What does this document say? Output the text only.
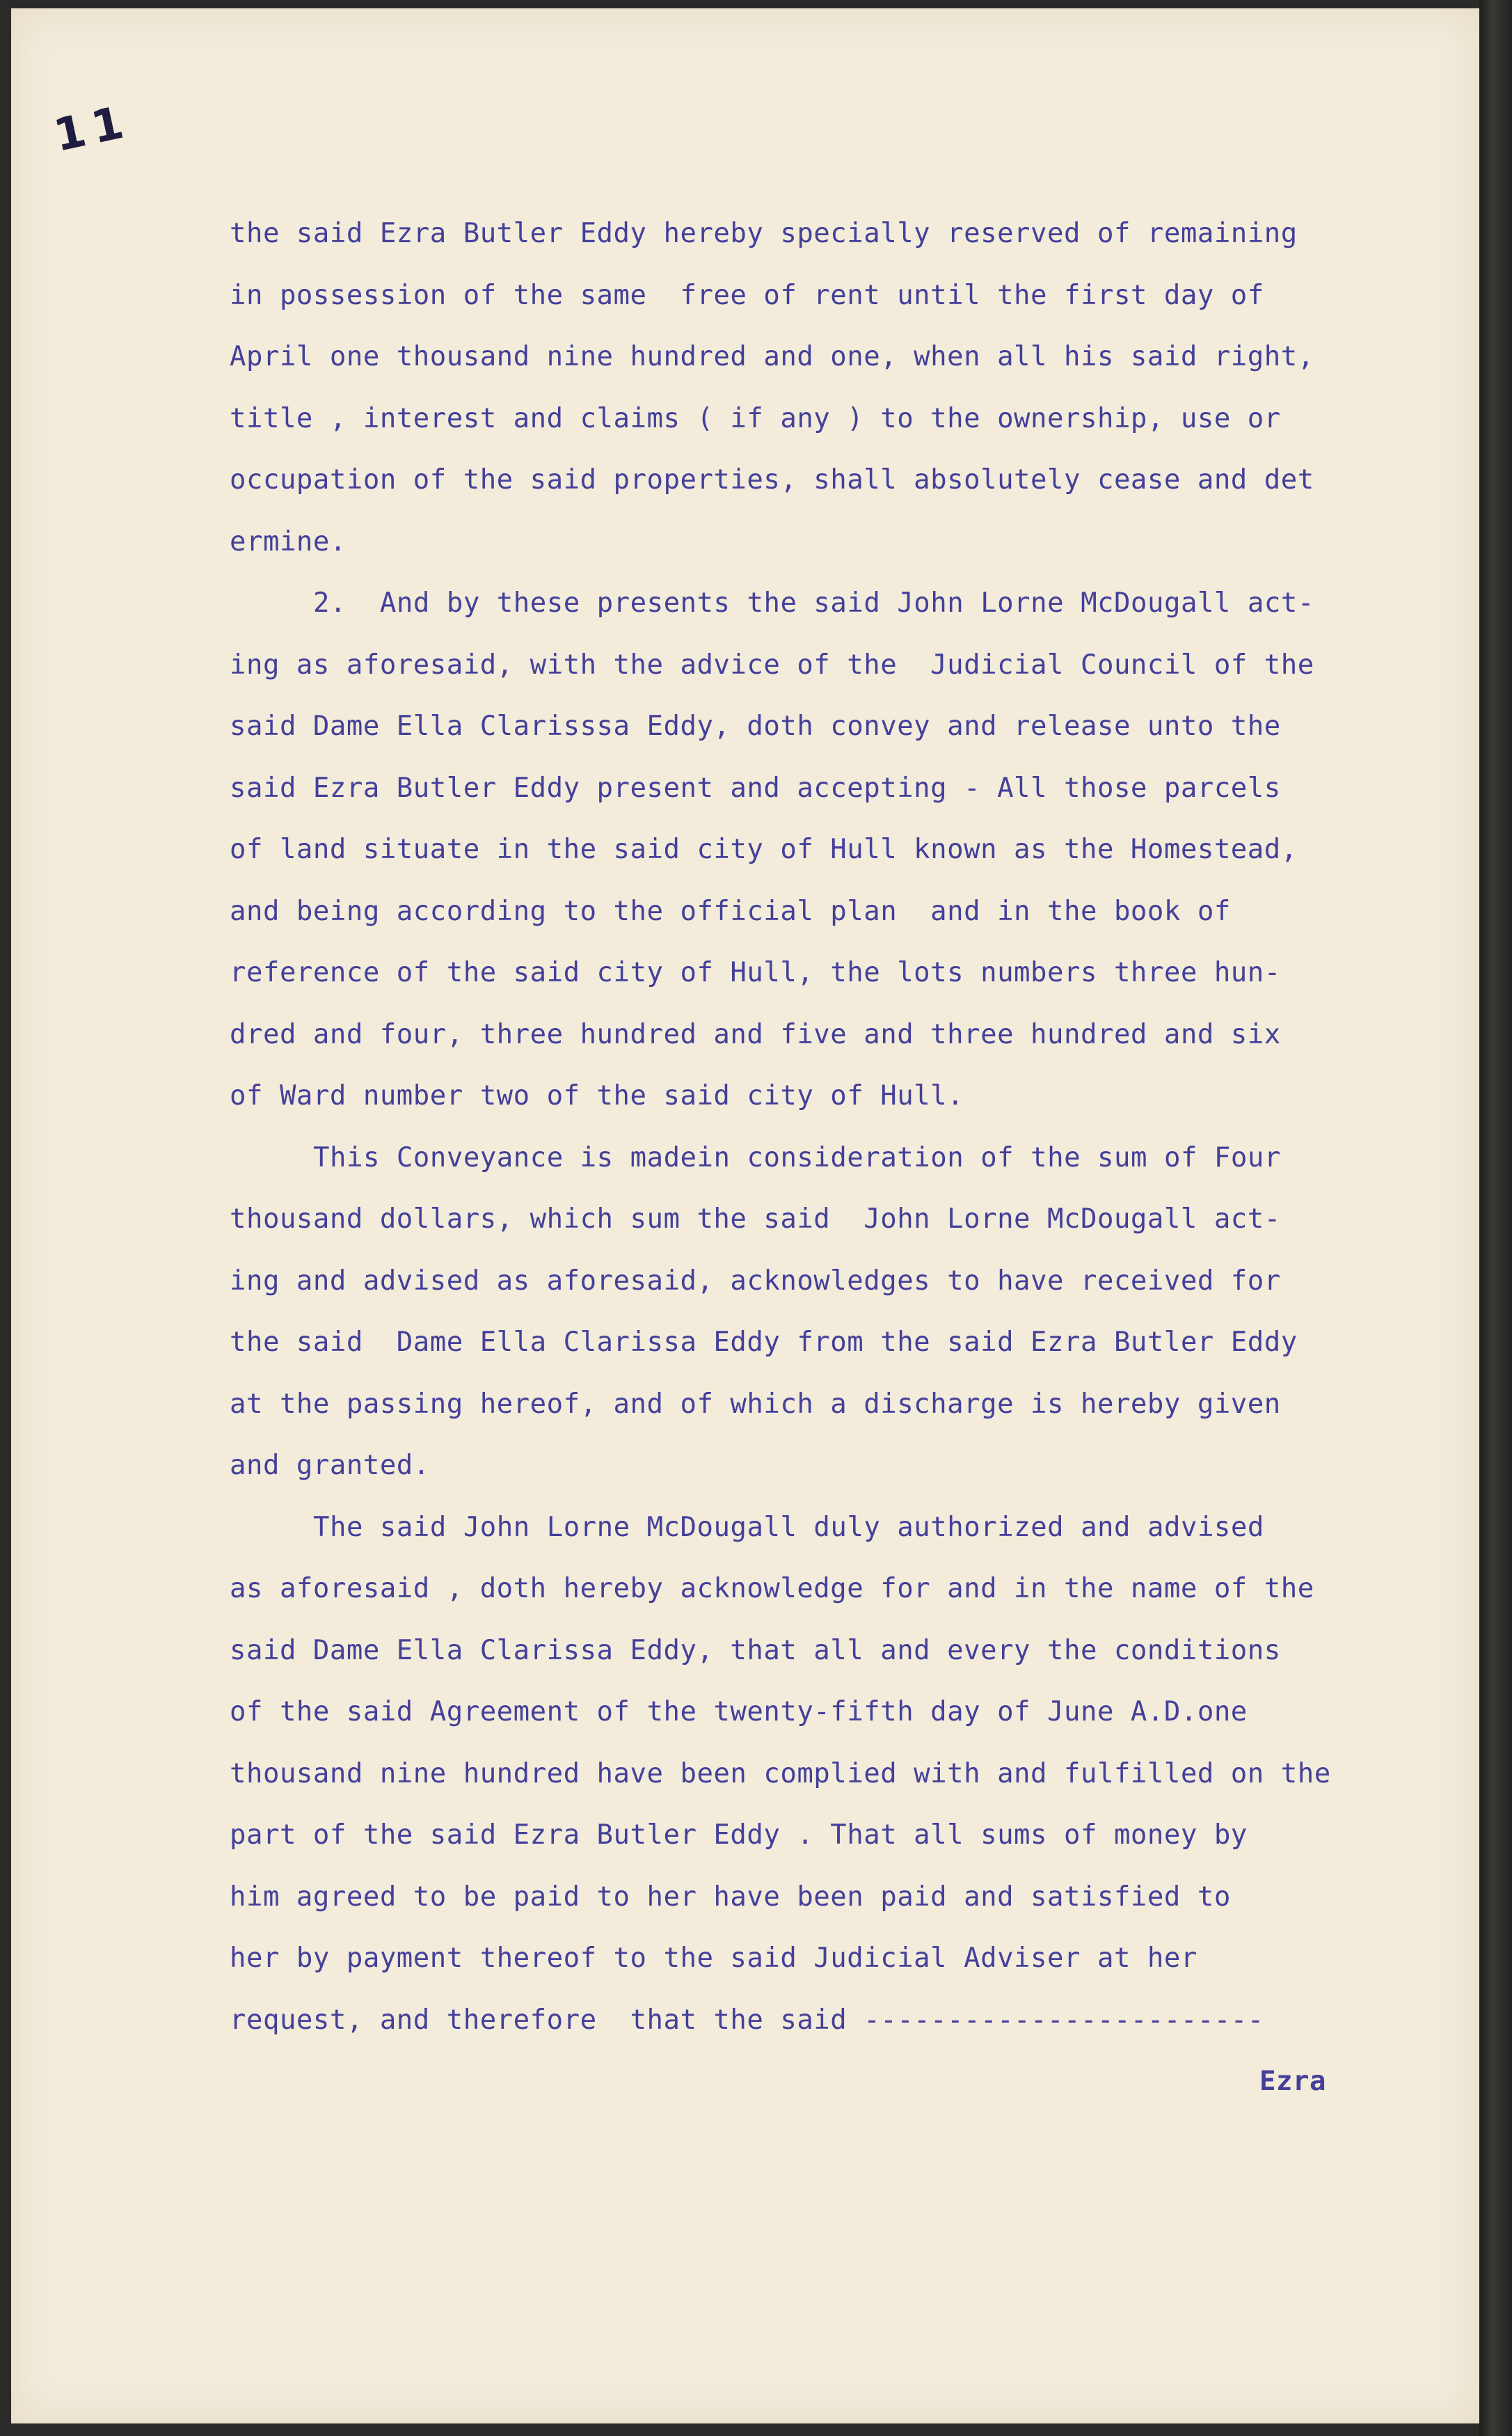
1 1
the said Ezra Butler Eddy hereby specially reserved of remaining
in possession of the same  free of rent until the first day of
April one thousand nine hundred and one, when all his said right,
title , interest and claims ( if any ) to the ownership, use or
occupation of the said properties, shall absolutely cease and det
ermine.
2.  And by these presents the said John Lorne McDougall act-
ing as aforesaid, with the advice of the  Judicial Council of the
said Dame Ella Clarisssa Eddy, doth convey and release unto the
said Ezra Butler Eddy present and accepting - All those parcels
of land situate in the said city of Hull known as the Homestead,
and being according to the official plan  and in the book of
reference of the said city of Hull, the lots numbers three hun-
dred and four, three hundred and five and three hundred and six
of Ward number two of the said city of Hull.
This Conveyance is madein consideration of the sum of Four
thousand dollars, which sum the said  John Lorne McDougall act-
ing and advised as aforesaid, acknowledges to have received for
the said  Dame Ella Clarissa Eddy from the said Ezra Butler Eddy
at the passing hereof, and of which a discharge is hereby given
and granted.
The said John Lorne McDougall duly authorized and advised
as aforesaid , doth hereby acknowledge for and in the name of the
said Dame Ella Clarissa Eddy, that all and every the conditions
of the said Agreement of the twenty-fifth day of June A.D.one
thousand nine hundred have been complied with and fulfilled on the
part of the said Ezra Butler Eddy . That all sums of money by
him agreed to be paid to her have been paid and satisfied to
her by payment thereof to the said Judicial Adviser at her
request, and therefore  that the said ------------------------
Ezra
